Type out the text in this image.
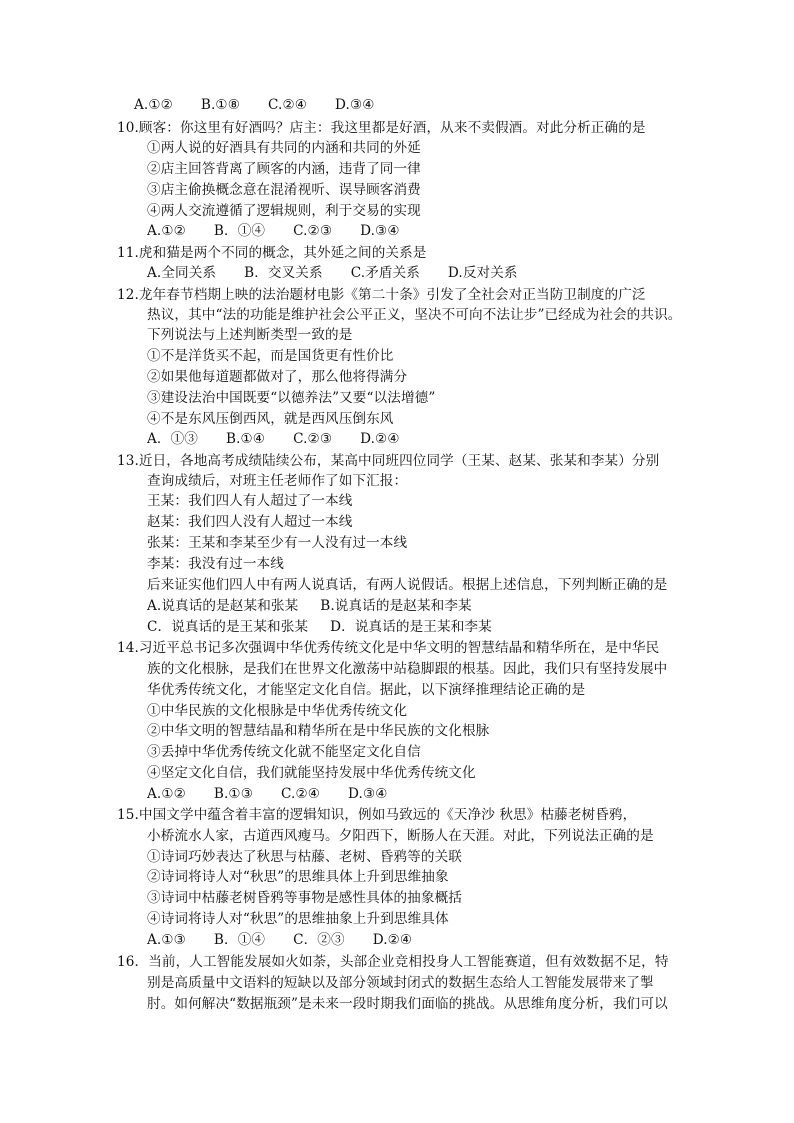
A.①② B.①⑧ C.②④ D.③④
10.顾客：你这里有好酒吗？店主：我这里都是好酒，从来不卖假酒。对此分析正确的是
①两人说的好酒具有共同的内涵和共同的外延
②店主回答背离了顾客的内涵，违背了同一律
③店主偷换概念意在混淆视听、误导顾客消费
④两人交流遵循了逻辑规则，利于交易的实现
A.①② B．①④ C.②③ D.③④
11.虎和猫是两个不同的概念，其外延之间的关系是
A.全同关系 B．交叉关系 C.矛盾关系 D.反对关系
12.龙年春节档期上映的法治题材电影《第二十条》引发了全社会对正当防卫制度的广泛
热议，其中“法的功能是维护社会公平正义，坚决不可向不法让步”已经成为社会的共识。
下列说法与上述判断类型一致的是
①不是洋货买不起，而是国货更有性价比
②如果他每道题都做对了，那么他将得满分
③建设法治中国既要“以德养法”又要“以法增德”
④不是东风压倒西风，就是西风压倒东风
A．①③ B.①④ C.②③ D.②④
13.近日，各地高考成绩陆续公布，某高中同班四位同学（王某、赵某、张某和李某）分别
查询成绩后，对班主任老师作了如下汇报：
王某：我们四人有人超过了一本线
赵某：我们四人没有人超过一本线
张某：王某和李某至少有一人没有过一本线
李某：我没有过一本线
后来证实他们四人中有两人说真话，有两人说假话。根据上述信息，下列判断正确的是
A.说真话的是赵某和张某 B.说真话的是赵某和李某
C．说真话的是王某和张某 D．说真话的是王某和李某
14.习近平总书记多次强调中华优秀传统文化是中华文明的智慧结晶和精华所在，是中华民
族的文化根脉，是我们在世界文化激荡中站稳脚跟的根基。因此，我们只有坚持发展中
华优秀传统文化，才能坚定文化自信。据此，以下演绎推理结论正确的是
①中华民族的文化根脉是中华优秀传统文化
②中华文明的智慧结晶和精华所在是中华民族的文化根脉
③丢掉中华优秀传统文化就不能坚定文化自信
④坚定文化自信，我们就能坚持发展中华优秀传统文化
A.①② B.①③ C.②④ D.③④
15.中国文学中蕴含着丰富的逻辑知识，例如马致远的《天净沙 秋思》枯藤老树昏鸦，
小桥流水人家，古道西风瘦马。夕阳西下，断肠人在天涯。对此，下列说法正确的是
①诗词巧妙表达了秋思与枯藤、老树、昏鸦等的关联
②诗词将诗人对“秋思”的思维具体上升到思维抽象
③诗词中枯藤老树昏鸦等事物是感性具体的抽象概括
④诗词将诗人对“秋思”的思维抽象上升到思维具体
A.①③ B．①④ C．②③ D.②④
16．当前，人工智能发展如火如荼，头部企业竞相投身人工智能赛道，但有效数据不足，特
别是高质量中文语料的短缺以及部分领域封闭式的数据生态给人工智能发展带来了掣
肘。如何解决“数据瓶颈”是未来一段时期我们面临的挑战。从思维角度分析，我们可以
